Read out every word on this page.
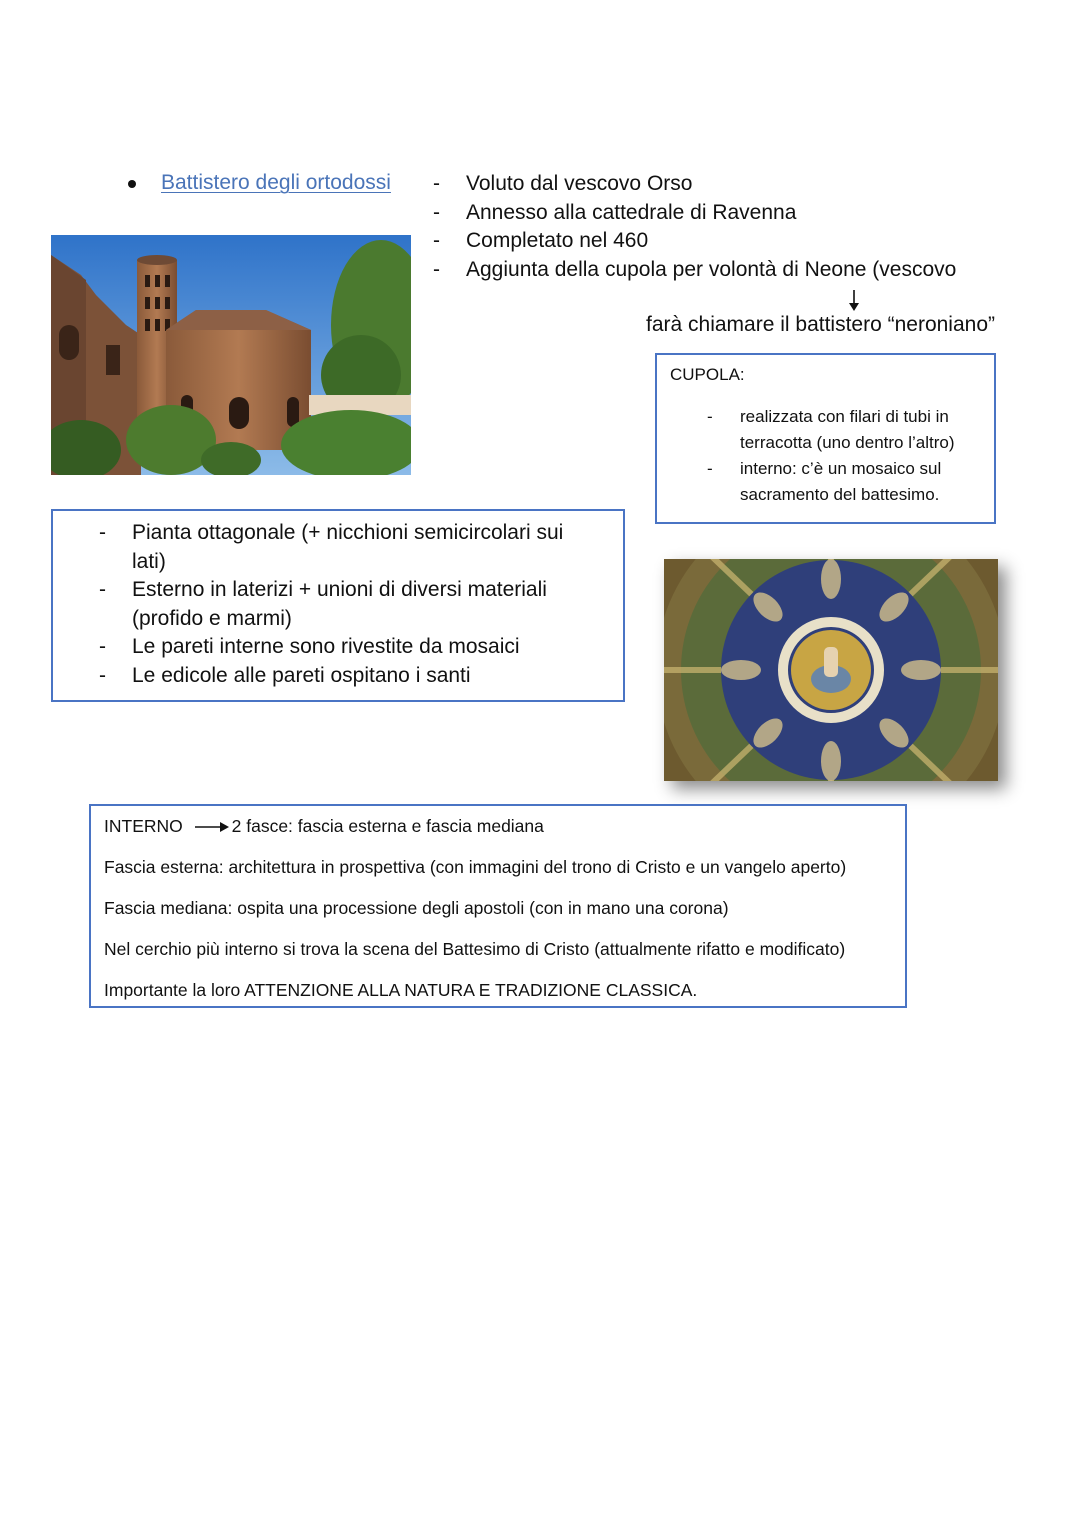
Battistero degli ortodossi
-	Voluto dal vescovo Orso
- Annesso alla cattedrale di Ravenna
- Completato nel 460
- Aggiunta della cupola per volontà di Neone (vescovo
farà chiamare il battistero “neroniano”
CUPOLA:
- realizzata con filari di tubi in terracotta (uno dentro l’altro)
- interno: c’è un mosaico sul sacramento del battesimo.
- Pianta ottagonale (+ nicchioni semicircolari sui lati)
- Esterno in laterizi + unioni di diversi materiali (profido e marmi)
- Le pareti interne sono rivestite da mosaici
- Le edicole alle pareti ospitano i santi
INTERNO	2 fasce: fascia esterna e fascia mediana
Fascia esterna: architettura in prospettiva (con immagini del trono di Cristo e un vangelo aperto)
Fascia mediana: ospita una processione degli apostoli (con in mano una corona)
Nel cerchio più interno si trova la scena del Battesimo di Cristo (attualmente rifatto e modificato)
Importante la loro ATTENZIONE ALLA NATURA E TRADIZIONE CLASSICA.
